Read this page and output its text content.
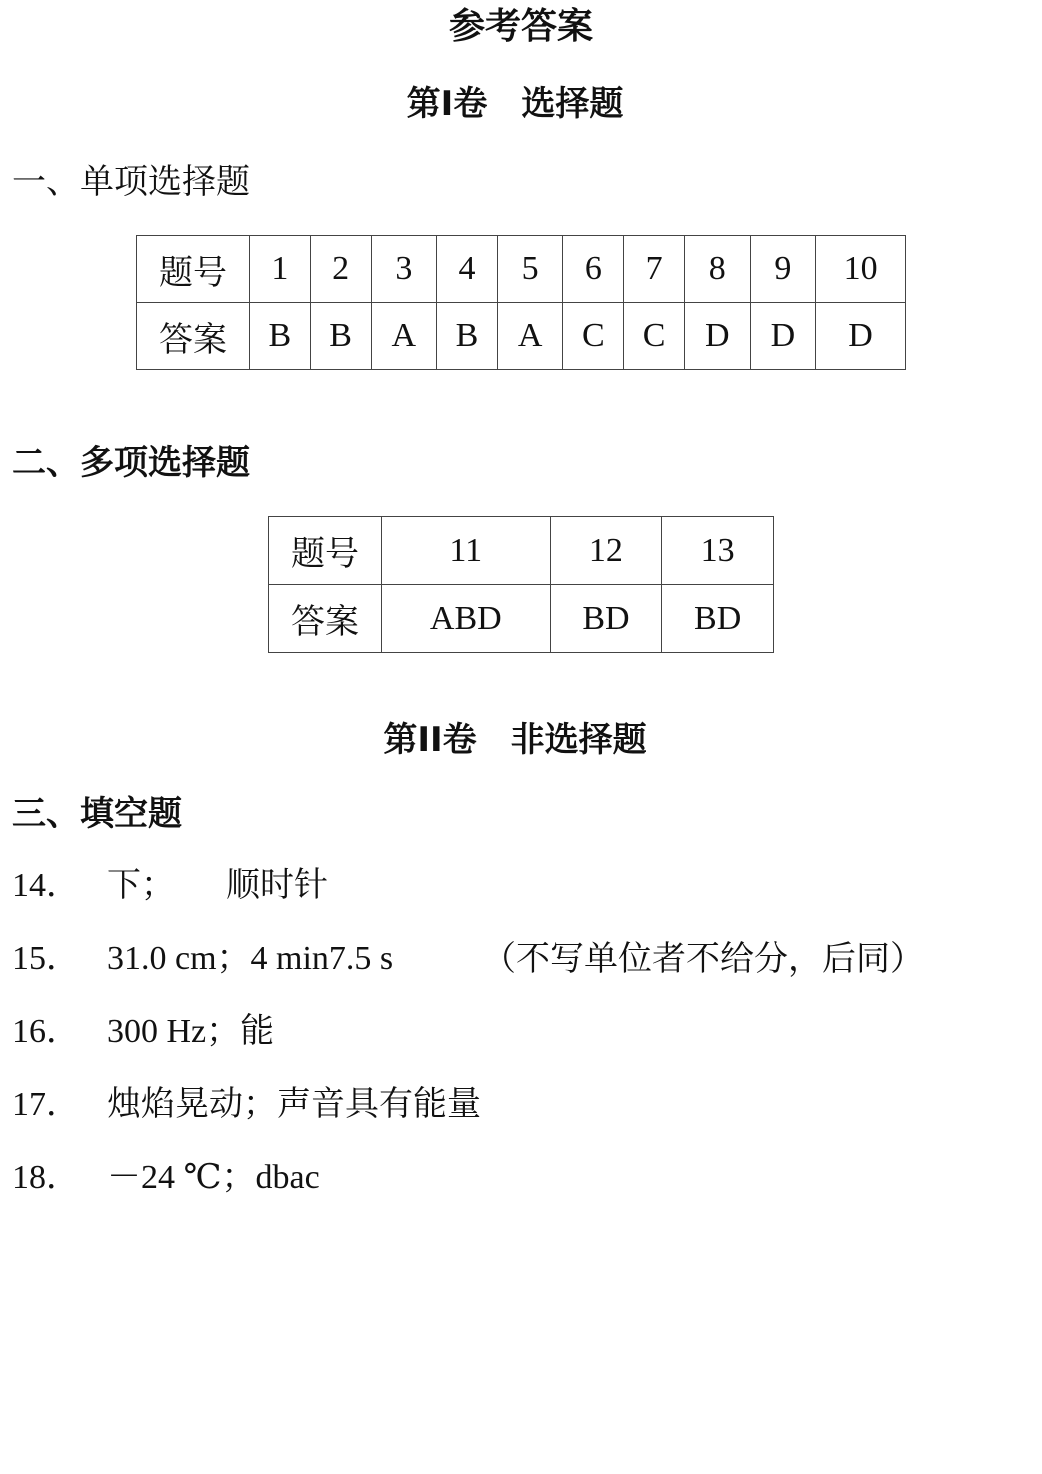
参考答案
第I卷　选择题
一、单项选择题
题号	1	2	3	4	5	6	7	8	9	10
答案	B	B	A	B	A	C	C	D	D	D
二、多项选择题
题号	11	12	13
答案	ABD	BD	BD
第II卷　非选择题
三、填空题
14． 下；　　顺时针
15． 31.0 cm；4 min7.5 s	（不写单位者不给分，后同）
16． 300 Hz；能
17． 烛焰晃动；声音具有能量
18． －24 ℃；dbac
